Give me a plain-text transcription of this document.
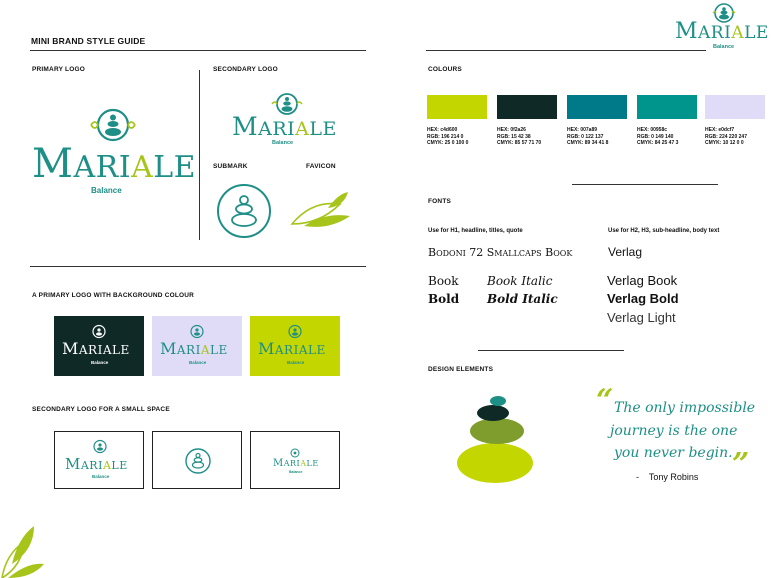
MARIALE
Balance
MINI BRAND STYLE GUIDE
PRIMARY LOGO	SECONDARY LOGO
MARIALE
Balance
MARIALE
Balance
SUBMARK	FAVICON
A PRIMARY LOGO WITH BACKGROUND COLOUR
MARIALE
Balance
MARIALE
Balance
MARIALE
Balance
SECONDARY LOGO FOR A SMALL SPACE
MARIALE
Balance
MARIALE
Balance
COLOURS
HEX: c4d600
RGB: 196 214 0
CMYK: 25 0 100 0
HEX: 0f2a26
RGB: 15 42 38
CMYK: 85 57 71 70
HEX: 007a89
RGB: 0 122 137
CMYK: 89 34 41 8
HEX: 00958c
RGB: 0 149 140
CMYK: 84 25 47 3
HEX: e0dcf7
RGB: 224 220 247
CMYK: 10 12 0 0
FONTS
Use for H1, headline, titles, quote	Use for H2, H3, sub-headline, body text
Bodoni 72 Smallcaps Book	Verlag
Book Book Italic
Bold Bold Italic
Verlag Book
Verlag Bold
Verlag Light
DESIGN ELEMENTS
“ The only impossible
journey is the one
you never begin. ”
-    Tony Robins
